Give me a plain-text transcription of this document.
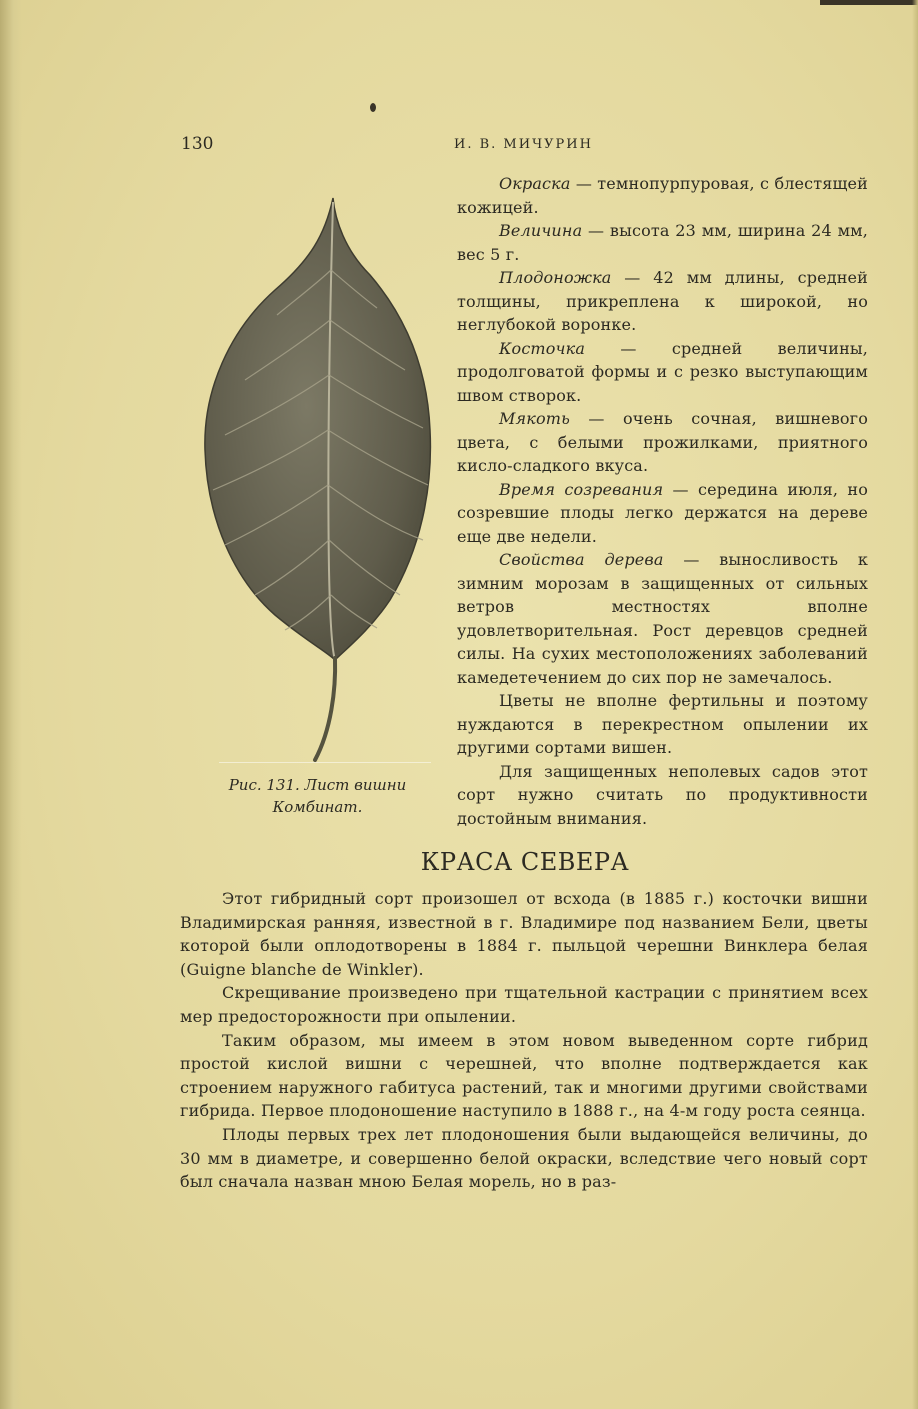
130	И. В. МИЧУРИН
Рис. 131. Лист вишни
Комбинат.

Окраска — темнопурпуровая, с блестящей кожицей.

Величина — высота 23 мм, ширина 24 мм, вес 5 г.

Плодоножка — 42 мм длины, средней толщины, прикреплена к широкой, но неглубокой воронке.

Косточка — средней величины, продолговатой формы и с резко выступающим швом створок.

Мякоть — очень сочная, вишневого цвета, с белыми прожилками, приятного кисло-сладкого вкуса.

Время созревания — середина июля, но созревшие плоды легко держатся на дереве еще две недели.

Свойства дерева — выносливость к зимним морозам в защищенных от сильных ветров местностях вполне удовлетворительная. Рост деревцов средней силы. На сухих местоположениях заболеваний камедетечением до сих пор не замечалось.

Цветы не вполне фертильны и поэтому нуждаются в перекрестном опылении их другими сортами вишен.

Для защищенных неполевых садов этот сорт нужно считать по продуктивности достойным внимания.

КРАСА СЕВЕРА

Этот гибридный сорт произошел от всхода (в 1885 г.) косточки вишни Владимирская ранняя, известной в г. Владимире под названием Бели, цветы которой были оплодотворены в 1884 г. пыльцой черешни Винклера белая (Guigne blanche de Winkler).

Скрещивание произведено при тщательной кастрации с принятием всех мер предосторожности при опылении.

Таким образом, мы имеем в этом новом выведенном сорте гибрид простой кислой вишни с черешней, что вполне подтверждается как строением наружного габитуса растений, так и многими другими свойствами гибрида. Первое плодоношение наступило в 1888 г., на 4-м году роста сеянца.

Плоды первых трех лет плодоношения были выдающейся величины, до 30 мм в диаметре, и совершенно белой окраски, вследствие чего новый сорт был сначала назван мною Белая морель, но в раз-
